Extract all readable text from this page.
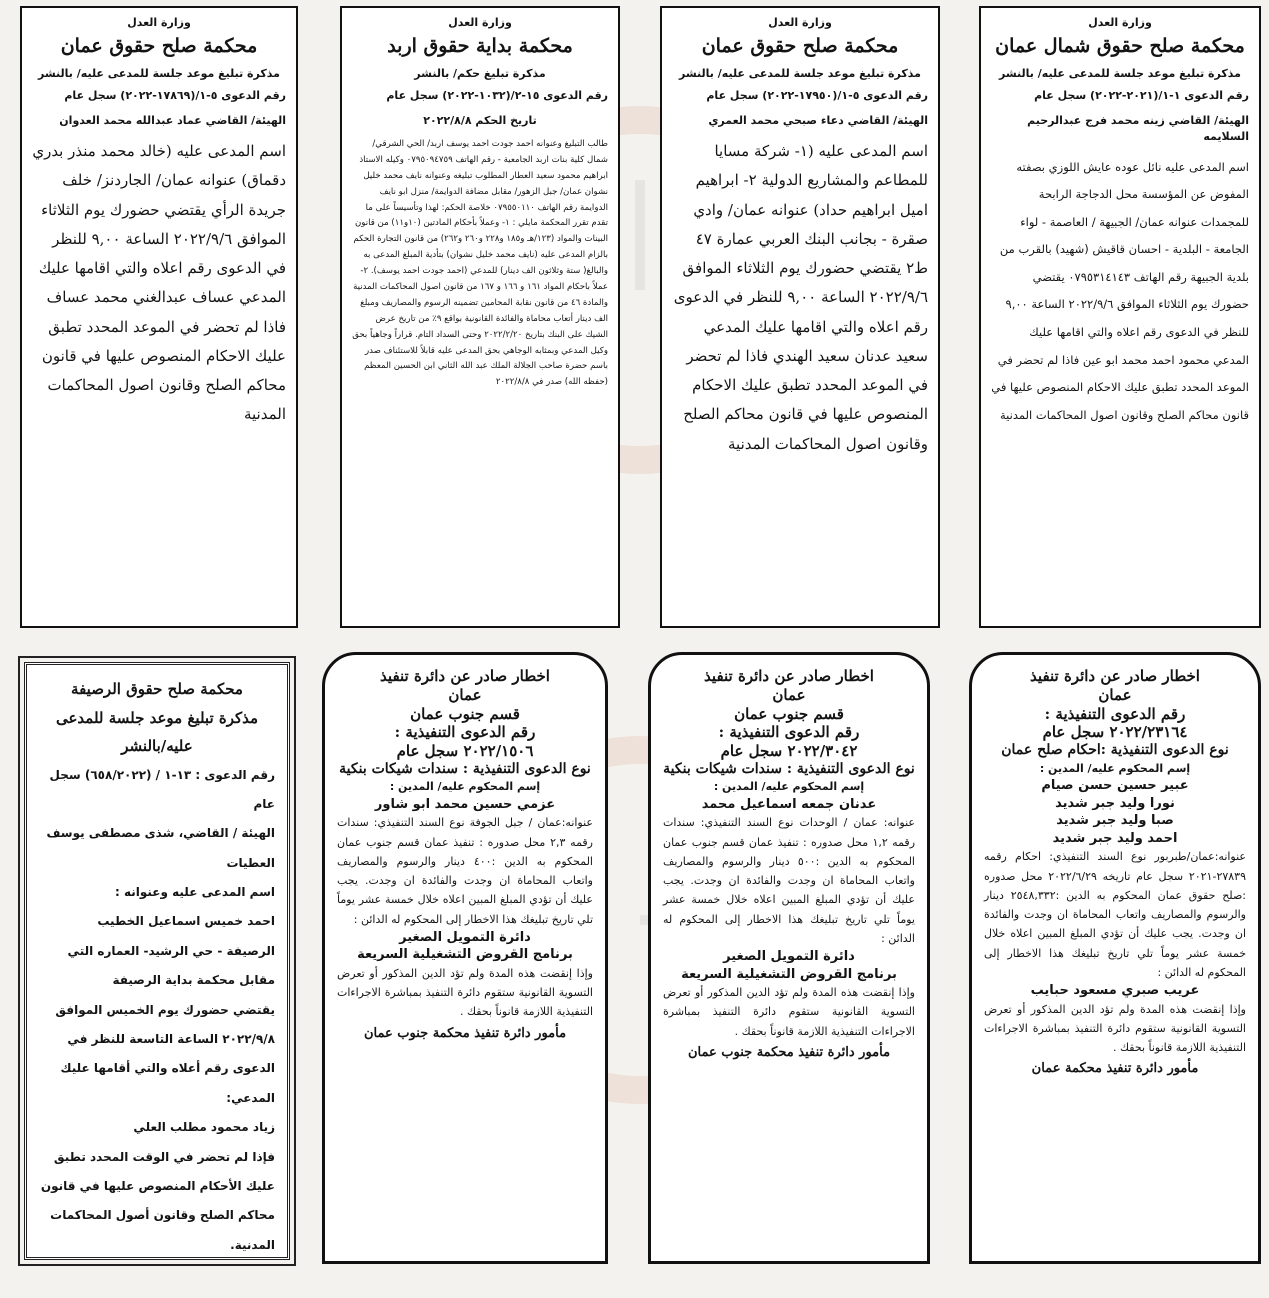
وزارة العدل
محكمة صلح حقوق شمال عمان
مذكرة تبليغ موعد جلسة للمدعى عليه/ بالنشر
رقم الدعوى ١-١/(٢٠٢١-٢٠٢٢) سجل عام
الهيئة/ القاضي زينه محمد فرج عبدالرحيم السلايمه
اسم المدعى عليه نائل عوده عايش اللوزي بصفته المفوض عن المؤسسة محل الدجاجة الرابحة للمجمدات عنوانه عمان/ الجبيهة / العاصمة - لواء الجامعة - البلدية - احسان قاقيش (شهيد) بالقرب من بلدية الجبيهة رقم الهاتف ٠٧٩٥٣١٤١٤٣ يقتضي حضورك يوم الثلاثاء الموافق ٢٠٢٢/٩/٦ الساعة ٩,٠٠ للنظر في الدعوى رقم اعلاه والتي اقامها عليك المدعي محمود احمد محمد ابو عين فاذا لم تحضر في الموعد المحدد تطبق عليك الاحكام المنصوص عليها في قانون محاكم الصلح وقانون اصول المحاكمات المدنية
وزارة العدل
محكمة صلح حقوق عمان
مذكرة تبليغ موعد جلسة للمدعى عليه/ بالنشر
رقم الدعوى ٥-١/(١٧٩٥٠-٢٠٢٢) سجل عام
الهيئة/ القاضي دعاء صبحي محمد العمري
اسم المدعى عليه (١- شركة مسايا للمطاعم والمشاريع الدولية ٢- ابراهيم اميل ابراهيم حداد) عنوانه عمان/ وادي صقرة - بجانب البنك العربي عمارة ٤٧ ط٢ يقتضي حضورك يوم الثلاثاء الموافق ٢٠٢٢/٩/٦ الساعة ٩,٠٠ للنظر في الدعوى رقم اعلاه والتي اقامها عليك المدعي سعيد عدنان سعيد الهندي فاذا لم تحضر في الموعد المحدد تطبق عليك الاحكام المنصوص عليها في قانون محاكم الصلح وقانون اصول المحاكمات المدنية
وزارة العدل
محكمة بداية حقوق اربد
مذكرة تبليغ حكم/ بالنشر
رقم الدعوى ١٥-٢/(١٠٣٢-٢٠٢٢) سجل عام
تاريخ الحكم ٢٠٢٢/٨/٨
طالب التبليغ وعنوانه احمد جودت احمد يوسف اربد/ الحي الشرقي/ شمال كلية بنات اربد الجامعية - رقم الهاتف ٠٧٩٥٠٩٤٧٥٩ وكيله الاستاذ ابراهيم محمود سعيد العطار المطلوب تبليغه وعنوانه نايف محمد خليل نشوان عمان/ جبل الزهور/ مقابل مضافة الدوايمة/ منزل ابو نايف الدوايمة رقم الهاتف ٠٧٩٥٥٠١١٠ خلاصة الحكم: لهذا وتأسيساً على ما تقدم تقرر المحكمة مايلي : ١- وعملاً بأحكام المادتين (١٠و١١) من قانون البينات والمواد (١٢٣/هـ و١٨٥ و٢٢٨ و٢٦٠ و٢٦٢) من قانون التجارة الحكم بالزام المدعى عليه (نايف محمد خليل نشوان) بتأدية المبلغ المدعى به والبالغ( ستة وثلاثون الف دينار) للمدعي (احمد جودت احمد يوسف). ٢- عملاً باحكام المواد ١٦١ و ١٦٦ و ١٦٧ من قانون اصول المحاكمات المدنية والمادة ٤٦ من قانون نقابة المحامين تضمينه الرسوم والمصاريف ومبلغ الف دينار أتعاب محاماة والفائدة القانونية بواقع ٩٪ من تاريخ عرض الشيك على البنك بتاريخ ٢٠٢٢/٢/٢٠ وحتى السداد التام. قراراً وجاهياً بحق وكيل المدعي وبمثابه الوجاهي بحق المدعى عليه قابلاً للاستئناف صدر باسم حضرة صاحب الجلالة الملك عبد الله الثاني ابن الحسين المعظم (حفظه الله) صدر في ٢٠٢٢/٨/٨
وزارة العدل
محكمة صلح حقوق عمان
مذكرة تبليغ موعد جلسة للمدعى عليه/ بالنشر
رقم الدعوى ٥-١/(١٧٨٦٩-٢٠٢٢) سجل عام
الهيئة/ القاضي عماد عبدالله محمد العدوان
اسم المدعى عليه (خالد محمد منذر بدري دقماق) عنوانه عمان/ الجاردنز/ خلف جريدة الرأي يقتضي حضورك يوم الثلاثاء الموافق ٢٠٢٢/٩/٦ الساعة ٩,٠٠ للنظر في الدعوى رقم اعلاه والتي اقامها عليك المدعي عساف عبدالغني محمد عساف فاذا لم تحضر في الموعد المحدد تطبق عليك الاحكام المنصوص عليها في قانون محاكم الصلح وقانون اصول المحاكمات المدنية
اخطار صادر عن دائرة تنفيذ
عمان
رقم الدعوى التنفيذية :
٢٠٢٢/٢٣١٦٤ سجل عام
نوع الدعوى التنفيذية :احكام صلح عمان
إسم المحكوم عليه/ المدين :
عبير حسين حسن صيام
نورا وليد جبر شديد
صبا وليد جبر شديد
احمد وليد جبر شديد
عنوانه:عمان/طبربور نوع السند التنفيذي: احكام رقمه ٢٧٨٣٩-٢٠٢١ سجل عام تاريخه ٢٠٢٢/٦/٢٩ محل صدوره :صلح حقوق عمان المحكوم به الدين :٢٥٤٨,٣٣٢ دينار والرسوم والمصاريف واتعاب المحاماة ان وجدت والفائدة ان وجدت. يجب عليك أن تؤدي المبلغ المبين اعلاه خلال خمسة عشر يوماً تلي تاريخ تبليغك هذا الاخطار إلى المحكوم له الدائن :
عريب صبري مسعود حبايب
وإذا إنقضت هذه المدة ولم تؤد الدين المذكور أو تعرض التسوية القانونية ستقوم دائرة التنفيذ بمباشرة الاجراءات التنفيذية اللازمة قانوناً بحقك .
مأمور دائرة تنفيذ محكمة عمان
اخطار صادر عن دائرة تنفيذ
عمان
قسم جنوب عمان
رقم الدعوى التنفيذية :
٢٠٢٢/٣٠٤٢ سجل عام
نوع الدعوى التنفيذية : سندات شيكات بنكية
إسم المحكوم عليه/ المدين :
عدنان جمعه اسماعيل محمد
عنوانه: عمان / الوحدات نوع السند التنفيذي: سندات رقمه ١,٢ محل صدوره : تنفيذ عمان قسم جنوب عمان المحكوم به الدين :٥٠٠ دينار والرسوم والمصاريف واتعاب المحاماة ان وجدت والفائدة ان وجدت. يجب عليك أن تؤدي المبلغ المبين اعلاه خلال خمسة عشر يوماً تلي تاريخ تبليغك هذا الاخطار إلى المحكوم له الدائن :
دائرة التمويل الصغير
برنامج القروض التشغيلية السريعة
وإذا إنقضت هذه المدة ولم تؤد الدين المذكور أو تعرض التسوية القانونية ستقوم دائرة التنفيذ بمباشرة الاجراءات التنفيذية اللازمة قانوناً بحقك .
مأمور دائرة تنفيذ محكمة جنوب عمان
اخطار صادر عن دائرة تنفيذ
عمان
قسم جنوب عمان
رقم الدعوى التنفيذية :
٢٠٢٢/١٥٠٦ سجل عام
نوع الدعوى التنفيذية : سندات شيكات بنكية
إسم المحكوم عليه/ المدين :
عزمي حسين محمد ابو شاور
عنوانه:عمان / جبل الجوفة نوع السند التنفيذي: سندات رقمه ٢,٣ محل صدوره : تنفيذ عمان قسم جنوب عمان المحكوم به الدين :٤٠٠ دينار والرسوم والمصاريف واتعاب المحاماة ان وجدت والفائدة ان وجدت. يجب عليك أن تؤدي المبلغ المبين اعلاه خلال خمسة عشر يوماً تلي تاريخ تبليغك هذا الاخطار إلى المحكوم له الدائن :
دائرة التمويل الصغير
برنامج القروض التشغيلية السريعة
وإذا إنقضت هذه المدة ولم تؤد الدين المذكور أو تعرض التسوية القانونية ستقوم دائرة التنفيذ بمباشرة الاجراءات التنفيذية اللازمة قانوناً بحقك .
مأمور دائرة تنفيذ محكمة جنوب عمان
محكمة صلح حقوق الرصيفة
مذكرة تبليغ موعد جلسة للمدعى عليه/بالنشر
رقم الدعوى : ١٣-١ / (٦٥٨/٢٠٢٢) سجل عام
الهيئة / القاضي، شذى مصطفى يوسف العطيات
اسم المدعى عليه وعنوانه :
احمد خميس اسماعيل الخطيب
الرصيفة - حي الرشيد- العماره التي مقابل محكمة بداية الرصيفة
يقتضي حضورك يوم الخميس الموافق ٢٠٢٢/٩/٨ الساعة التاسعة للنظر في الدعوى رقم أعلاه والتي أقامها عليك المدعي:
زياد محمود مطلب العلي
فإذا لم تحضر في الوقت المحدد تطبق عليك الأحكام المنصوص عليها في قانون محاكم الصلح وقانون أصول المحاكمات المدنية.
